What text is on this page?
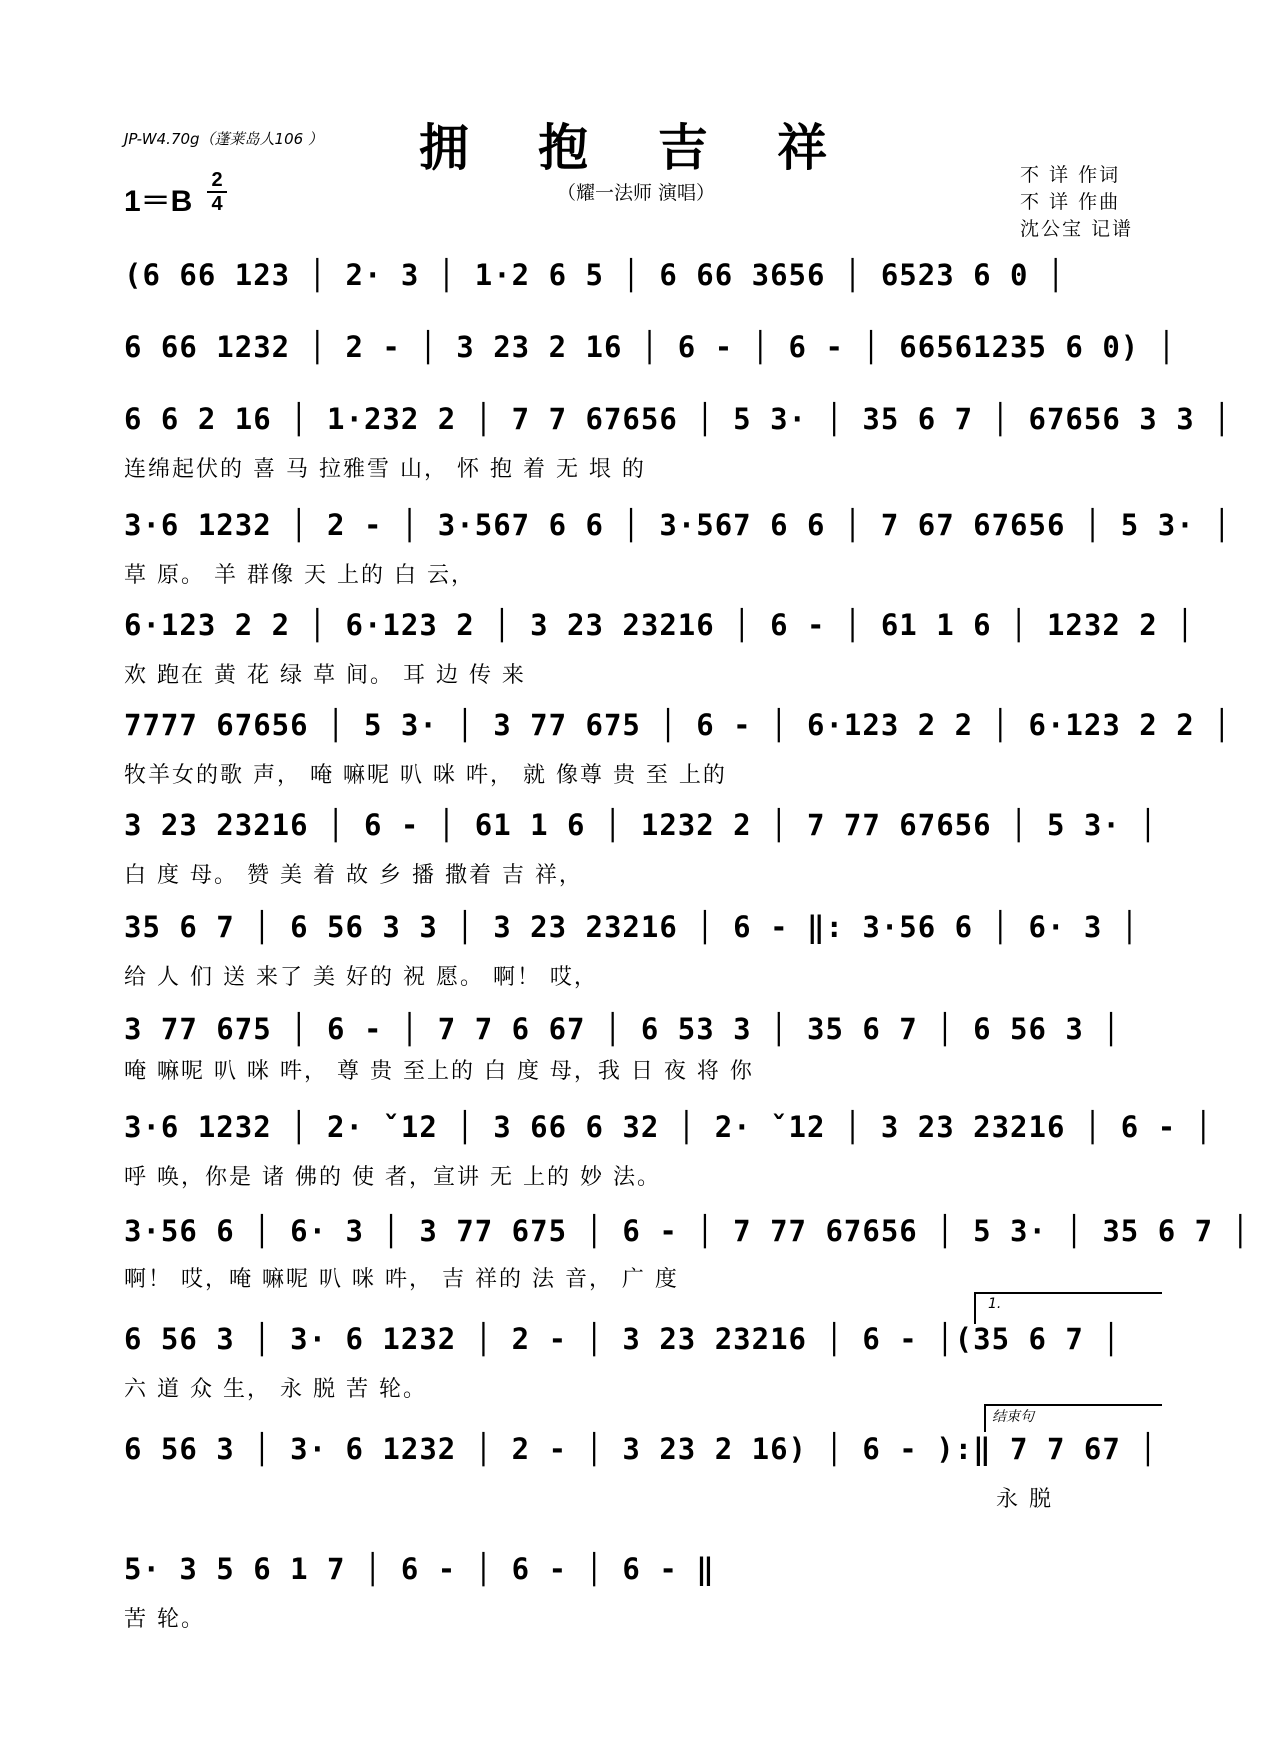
JP-W4.70g（蓬莱岛人106 ）	拥 抱 吉 祥
（耀一法师 演唱）
1＝B
2
4
不 详 作词
不 详 作曲
沈公宝 记谱
(6 66 123 │ 2· 3 │ 1·2 6 5 │ 6 66 3656 │ 6523 6 0 │
6 66 1232 │ 2 - │ 3 23 2 16 │ 6 - │ 6 - │ 66561235 6 0) │
6 6 2 16 │ 1·232 2 │ 7 7 67656 │ 5 3· │ 35 6 7 │ 67656 3 3 │
连绵起伏的 喜 马 拉雅雪 山， 怀 抱 着 无 垠 的
3·6 1232 │ 2 - │ 3·567 6 6 │ 3·567 6 6 │ 7 67 67656 │ 5 3· │
草 原。 羊 群像 天 上的 白 云，
6·123 2 2 │ 6·123 2 │ 3 23 23216 │ 6 - │ 61 1 6 │ 1232 2 │
欢 跑在 黄 花 绿 草 间。 耳 边 传 来
7777 67656 │ 5 3· │ 3 77 675 │ 6 - │ 6·123 2 2 │ 6·123 2 2 │
牧羊女的歌 声， 唵 嘛呢 叭 咪 吽， 就 像尊 贵 至 上的
3 23 23216 │ 6 - │ 61 1 6 │ 1232 2 │ 7 77 67656 │ 5 3· │
白 度 母。 赞 美 着 故 乡 播 撒着 吉 祥，
35 6 7 │ 6 56 3 3 │ 3 23 23216 │ 6 - ‖: 3·56 6 │ 6· 3 │
给 人 们 送 来了 美 好的 祝 愿。 啊！ 哎，
3 77 675 │ 6 - │ 7 7 6 67 │ 6 53 3 │ 35 6 7 │ 6 56 3 │
唵 嘛呢 叭 咪 吽， 尊 贵 至上的 白 度 母，我 日 夜 将 你
3·6 1232 │ 2· ˇ12 │ 3 66 6 32 │ 2· ˇ12 │ 3 23 23216 │ 6 - │
呼 唤，你是 诸 佛的 使 者，宣讲 无 上的 妙 法。
3·56 6 │ 6· 3 │ 3 77 675 │ 6 - │ 7 77 67656 │ 5 3· │ 35 6 7 │
啊！ 哎，唵 嘛呢 叭 咪 吽， 吉 祥的 法 音， 广 度
1.
6 56 3 │ 3· 6 1232 │ 2 - │ 3 23 23216 │ 6 - │(35 6 7 │
六 道 众 生， 永 脱 苦 轮。
结束句
6 56 3 │ 3· 6 1232 │ 2 - │ 3 23 2 16) │ 6 - ):‖ 7 7 67 │
永 脱
5· 3 5 6 1 7 │ 6 - │ 6 - │ 6 - ‖
苦 轮。
